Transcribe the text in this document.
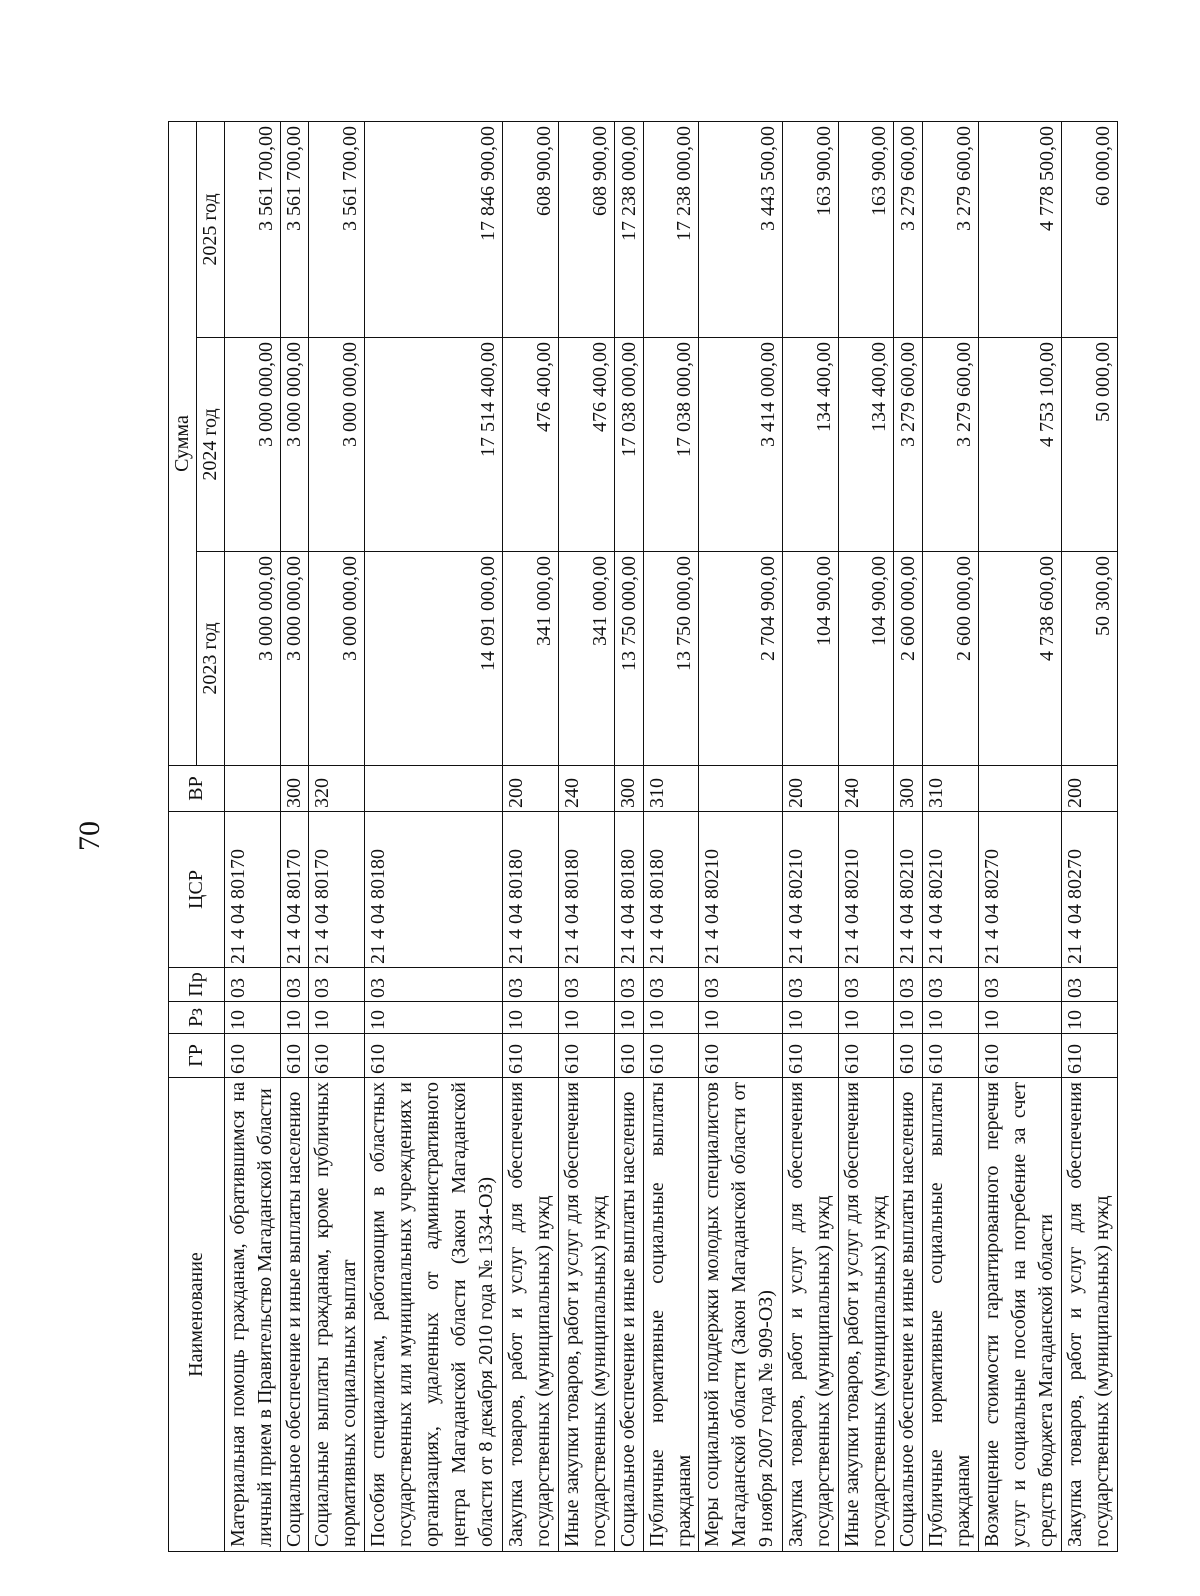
70
Наименование	ГР	Рз	Пр	ЦСР	ВР	Сумма		
						2023 год	2024 год	2025 год
Материальная помощь гражданам, обратившимся на личный прием в Правительство Магаданской области	610	10	03	21 4 04 80170		3 000 000,00	3 000 000,00	3 561 700,00
Социальное обеспечение и иные выплаты населению	610	10	03	21 4 04 80170	300	3 000 000,00	3 000 000,00	3 561 700,00
Социальные выплаты гражданам, кроме публичных нормативных социальных выплат	610	10	03	21 4 04 80170	320	3 000 000,00	3 000 000,00	3 561 700,00
Пособия специалистам, работающим в областных государственных или муниципальных учреждениях и организациях, удаленных от административного центра Магаданской области (Закон Магаданской области от 8 декабря 2010 года № 1334-ОЗ)	610	10	03	21 4 04 80180		14 091 000,00	17 514 400,00	17 846 900,00
Закупка товаров, работ и услуг для обеспечения государственных (муниципальных) нужд	610	10	03	21 4 04 80180	200	341 000,00	476 400,00	608 900,00
Иные закупки товаров, работ и услуг для обеспечения государственных (муниципальных) нужд	610	10	03	21 4 04 80180	240	341 000,00	476 400,00	608 900,00
Социальное обеспечение и иные выплаты населению	610	10	03	21 4 04 80180	300	13 750 000,00	17 038 000,00	17 238 000,00
Публичные нормативные социальные выплаты гражданам	610	10	03	21 4 04 80180	310	13 750 000,00	17 038 000,00	17 238 000,00
Меры социальной поддержки молодых специалистов Магаданской области (Закон Магаданской области от 9 ноября 2007 года № 909-ОЗ)	610	10	03	21 4 04 80210		2 704 900,00	3 414 000,00	3 443 500,00
Закупка товаров, работ и услуг для обеспечения государственных (муниципальных) нужд	610	10	03	21 4 04 80210	200	104 900,00	134 400,00	163 900,00
Иные закупки товаров, работ и услуг для обеспечения государственных (муниципальных) нужд	610	10	03	21 4 04 80210	240	104 900,00	134 400,00	163 900,00
Социальное обеспечение и иные выплаты населению	610	10	03	21 4 04 80210	300	2 600 000,00	3 279 600,00	3 279 600,00
Публичные нормативные социальные выплаты гражданам	610	10	03	21 4 04 80210	310	2 600 000,00	3 279 600,00	3 279 600,00
Возмещение стоимости гарантированного перечня услуг и социальные пособия на погребение за счет средств бюджета Магаданской области	610	10	03	21 4 04 80270		4 738 600,00	4 753 100,00	4 778 500,00
Закупка товаров, работ и услуг для обеспечения государственных (муниципальных) нужд	610	10	03	21 4 04 80270	200	50 300,00	50 000,00	60 000,00
